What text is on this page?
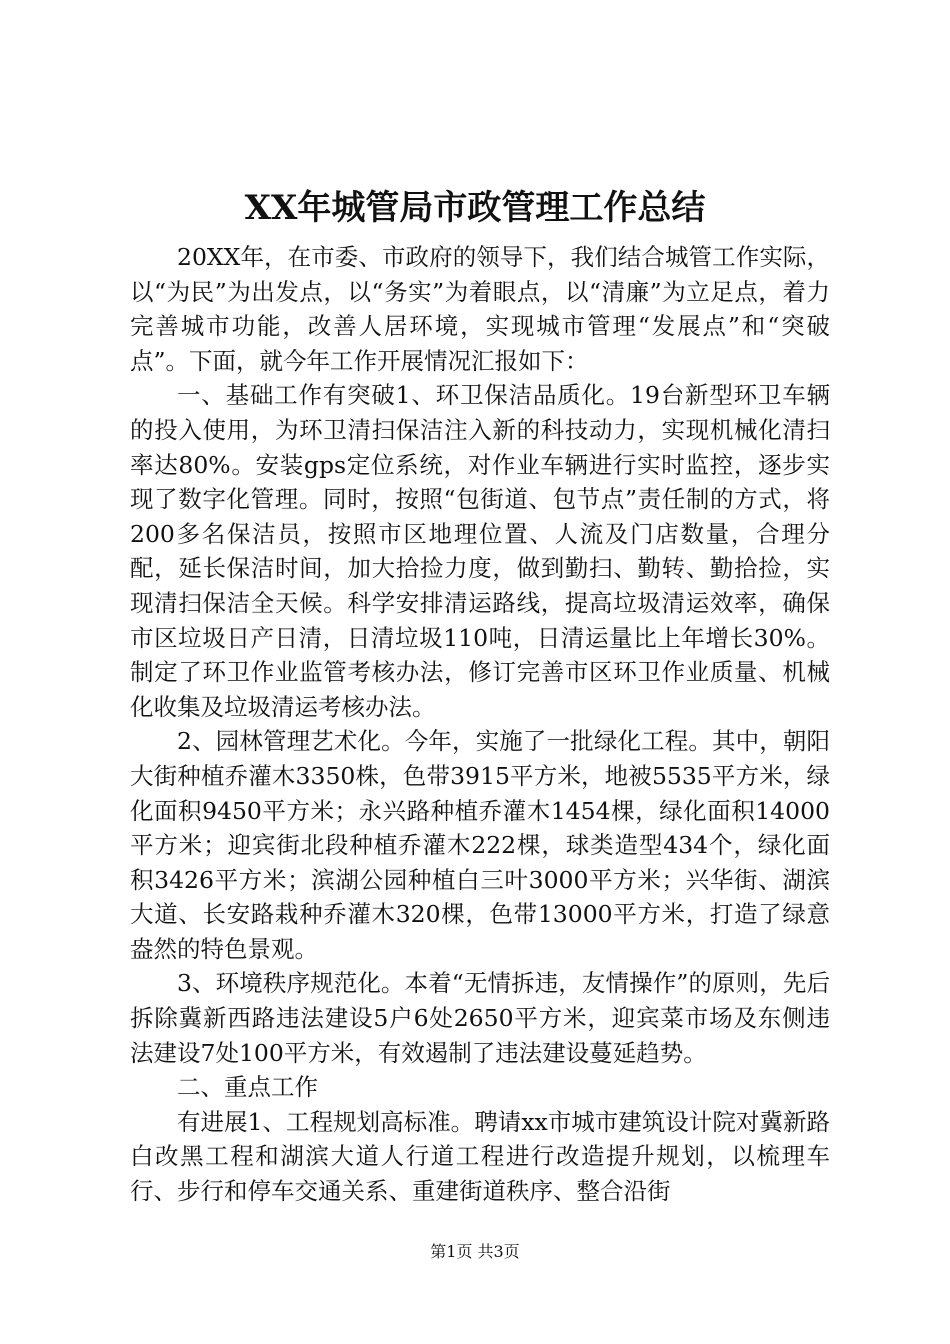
XX年城管局市政管理工作总结

20XX年，在市委、市政府的领导下，我们结合城管工作实际，以“为民”为出发点，以“务实”为着眼点，以“清廉”为立足点，着力完善城市功能，改善人居环境，实现城市管理“发展点”和“突破点”。下面，就今年工作开展情况汇报如下：

一、基础工作有突破1、环卫保洁品质化。19台新型环卫车辆的投入使用，为环卫清扫保洁注入新的科技动力，实现机械化清扫率达80%。安装gps定位系统，对作业车辆进行实时监控，逐步实现了数字化管理。同时，按照“包街道、包节点”责任制的方式，将200多名保洁员，按照市区地理位置、人流及门店数量，合理分配，延长保洁时间，加大拾捡力度，做到勤扫、勤转、勤拾捡，实现清扫保洁全天候。科学安排清运路线，提高垃圾清运效率，确保市区垃圾日产日清，日清垃圾110吨，日清运量比上年增长30%。制定了环卫作业监管考核办法，修订完善市区环卫作业质量、机械化收集及垃圾清运考核办法。

2、园林管理艺术化。今年，实施了一批绿化工程。其中，朝阳大街种植乔灌木3350株，色带3915平方米，地被5535平方米，绿化面积9450平方米；永兴路种植乔灌木1454棵，绿化面积14000平方米；迎宾街北段种植乔灌木222棵，球类造型434个，绿化面积3426平方米；滨湖公园种植白三叶3000平方米；兴华街、湖滨大道、长安路栽种乔灌木320棵，色带13000平方米，打造了绿意盎然的特色景观。

3、环境秩序规范化。本着“无情拆违，友情操作”的原则，先后拆除冀新西路违法建设5户6处2650平方米，迎宾菜市场及东侧违法建设7处100平方米，有效遏制了违法建设蔓延趋势。

二、重点工作

有进展1、工程规划高标准。聘请xx市城市建筑设计院对冀新路白改黑工程和湖滨大道人行道工程进行改造提升规划，以梳理车行、步行和停车交通关系、重建街道秩序、整合沿街

第1页 共3页
